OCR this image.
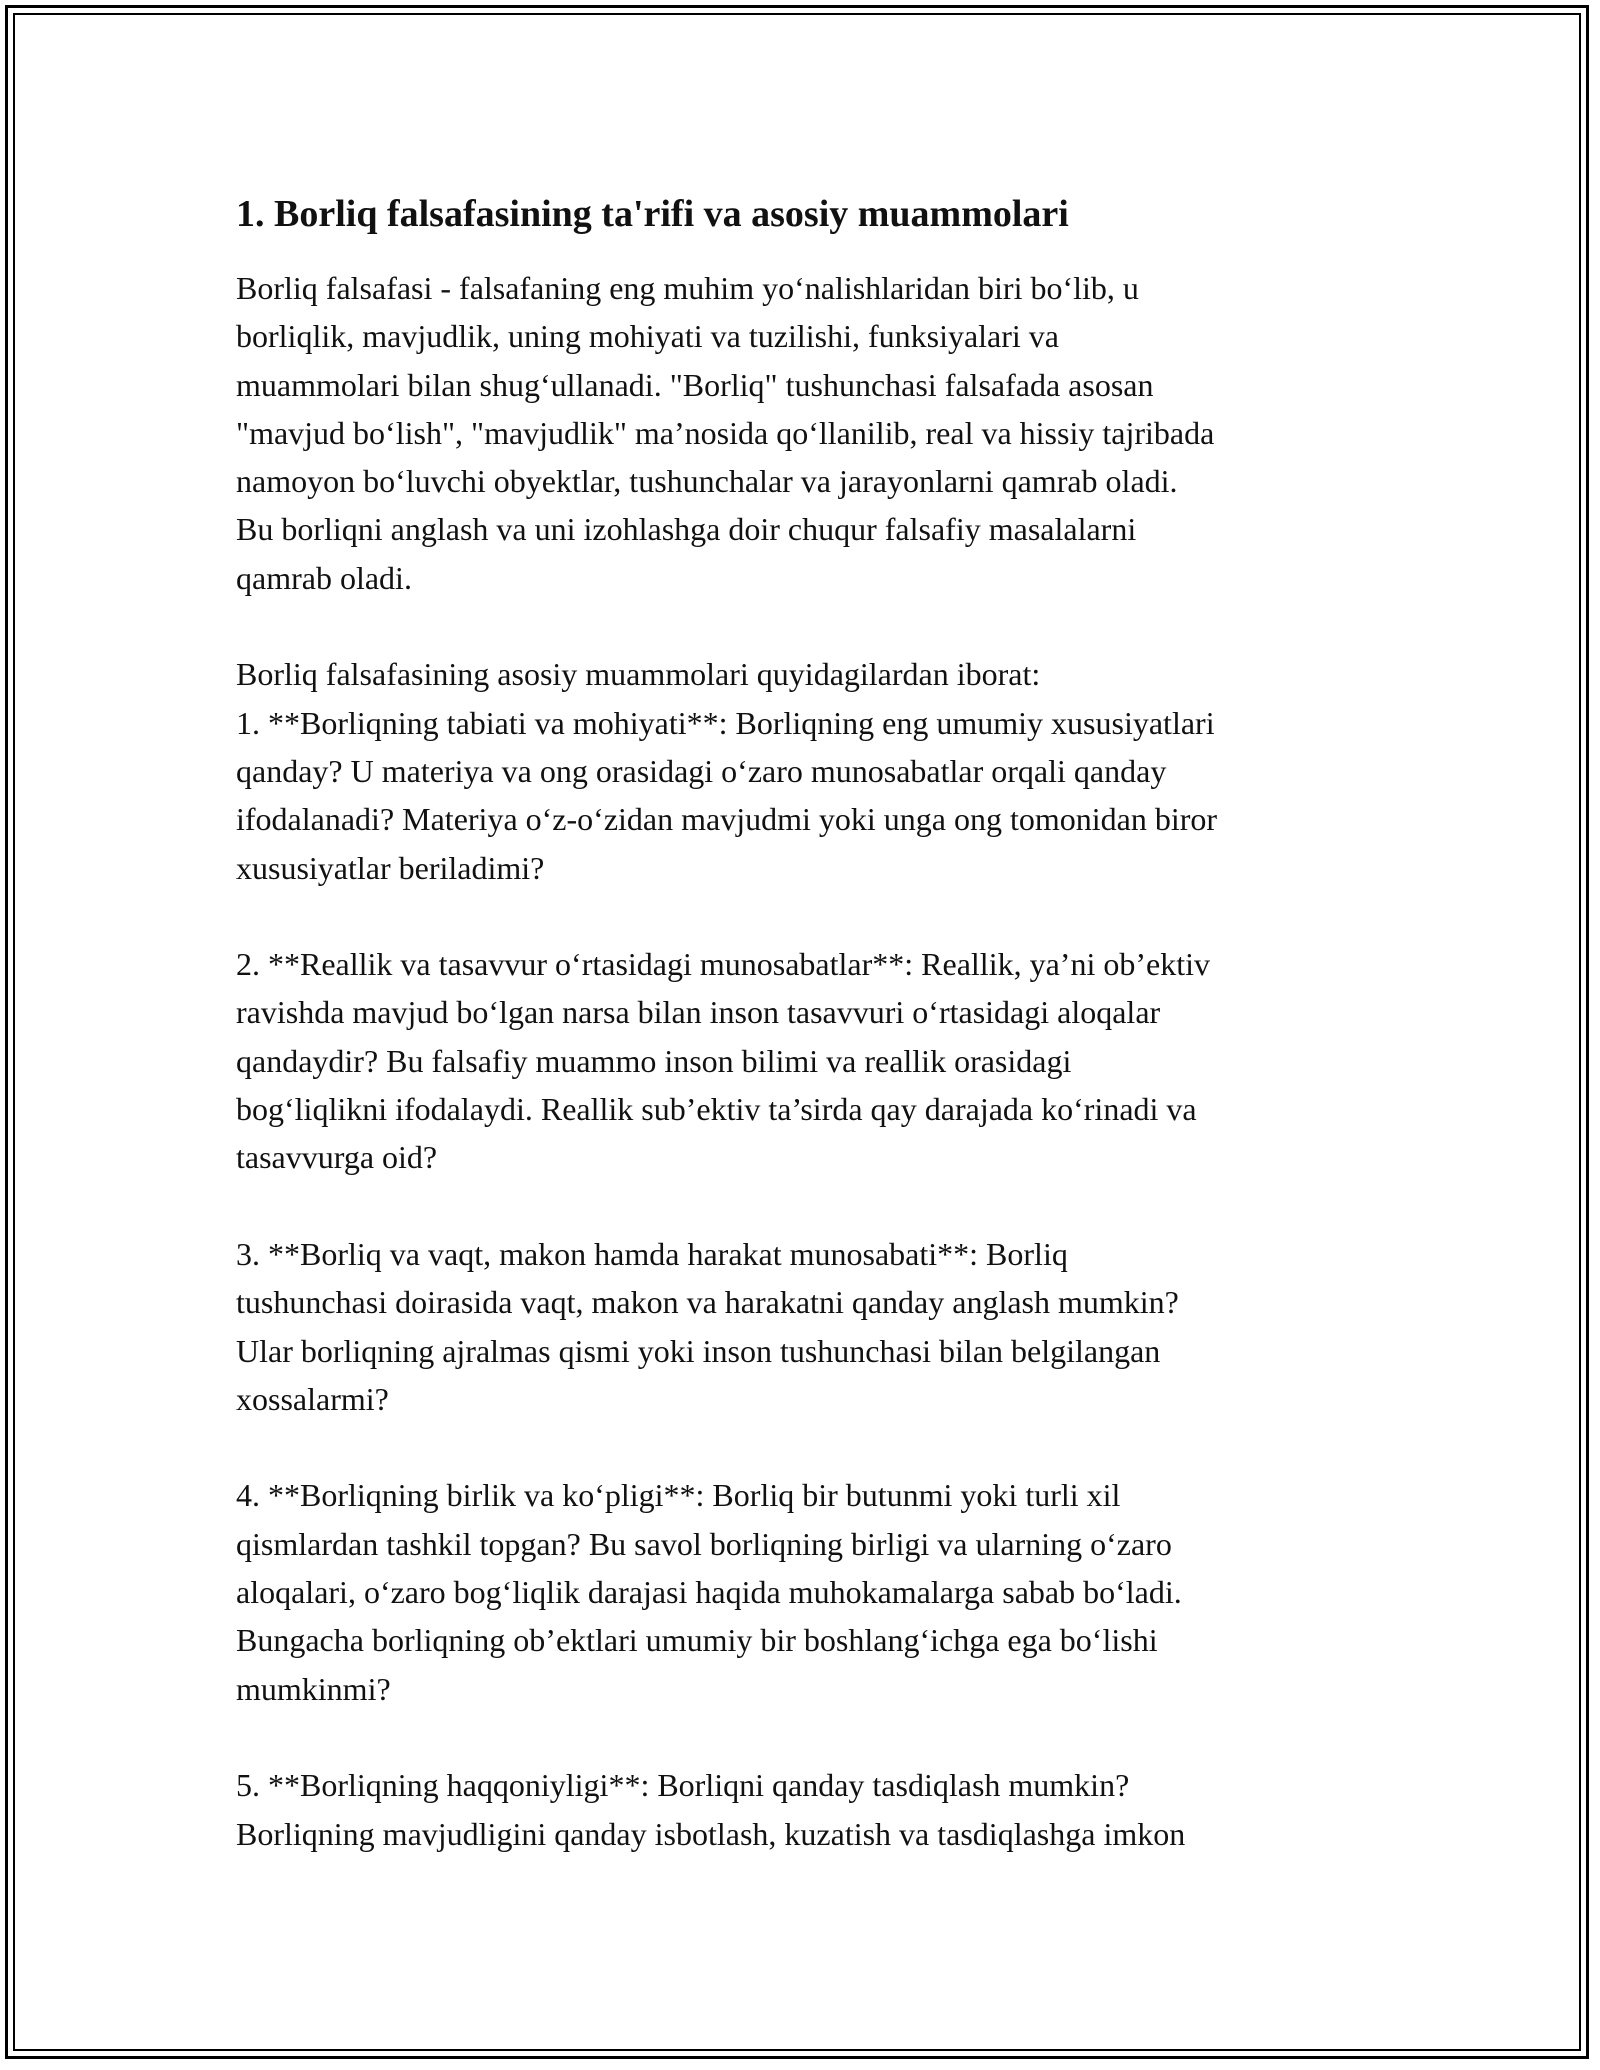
1. Borliq falsafasining ta'rifi va asosiy muammolari

Borliq falsafasi - falsafaning eng muhim yoʻnalishlaridan biri boʻlib, u
borliqlik, mavjudlik, uning mohiyati va tuzilishi, funksiyalari va
muammolari bilan shugʻullanadi. "Borliq" tushunchasi falsafada asosan
"mavjud boʻlish", "mavjudlik" maʼnosida qoʻllanilib, real va hissiy tajribada
namoyon boʻluvchi obyektlar, tushunchalar va jarayonlarni qamrab oladi.
Bu borliqni anglash va uni izohlashga doir chuqur falsafiy masalalarni
qamrab oladi.

Borliq falsafasining asosiy muammolari quyidagilardan iborat:
1. **Borliqning tabiati va mohiyati**: Borliqning eng umumiy xususiyatlari
qanday? U materiya va ong orasidagi oʻzaro munosabatlar orqali qanday
ifodalanadi? Materiya oʻz-oʻzidan mavjudmi yoki unga ong tomonidan biror
xususiyatlar beriladimi?

2. **Reallik va tasavvur oʻrtasidagi munosabatlar**: Reallik, ya’ni ob’ektiv
ravishda mavjud boʻlgan narsa bilan inson tasavvuri oʻrtasidagi aloqalar
qandaydir? Bu falsafiy muammo inson bilimi va reallik orasidagi
bogʻliqlikni ifodalaydi. Reallik sub’ektiv ta’sirda qay darajada koʻrinadi va
tasavvurga oid?

3. **Borliq va vaqt, makon hamda harakat munosabati**: Borliq
tushunchasi doirasida vaqt, makon va harakatni qanday anglash mumkin?
Ular borliqning ajralmas qismi yoki inson tushunchasi bilan belgilangan
xossalarmi?

4. **Borliqning birlik va koʻpligi**: Borliq bir butunmi yoki turli xil
qismlardan tashkil topgan? Bu savol borliqning birligi va ularning oʻzaro
aloqalari, oʻzaro bogʻliqlik darajasi haqida muhokamalarga sabab boʻladi.
Bungacha borliqning ob’ektlari umumiy bir boshlangʻichga ega boʻlishi
mumkinmi?

5. **Borliqning haqqoniyligi**: Borliqni qanday tasdiqlash mumkin?
Borliqning mavjudligini qanday isbotlash, kuzatish va tasdiqlashga imkon
